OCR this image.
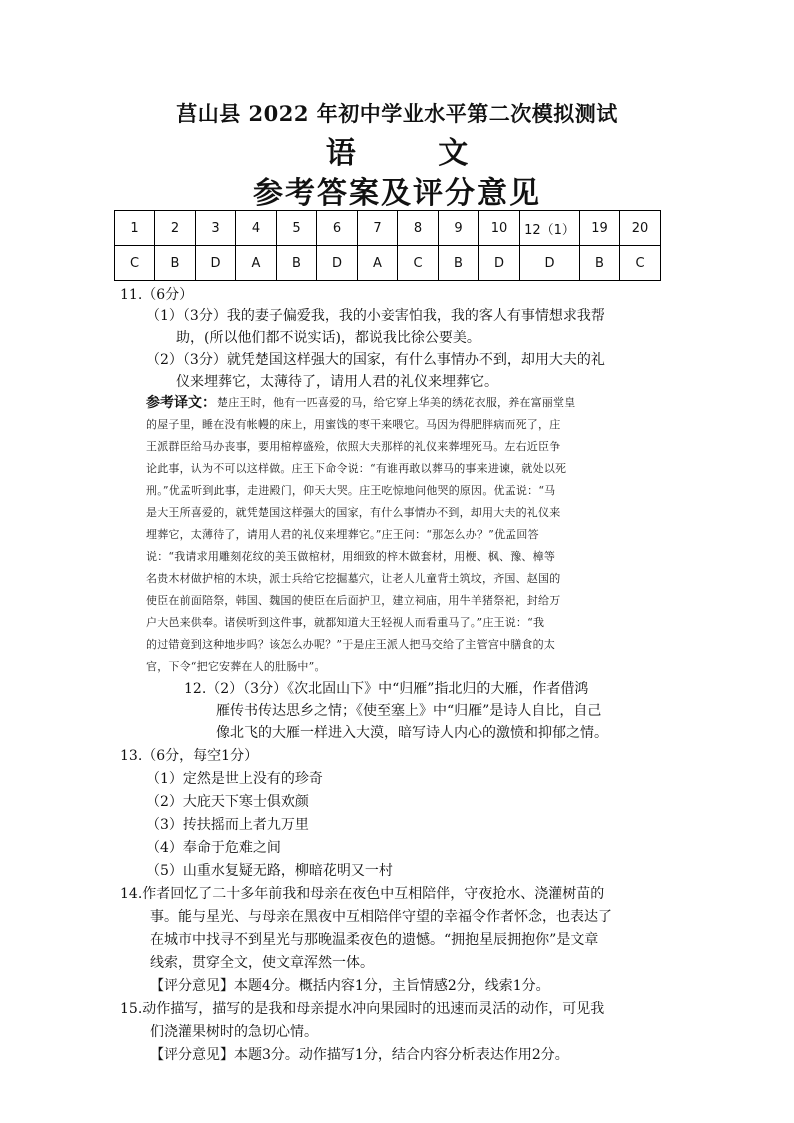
莒山县 2022 年初中学业水平第二次模拟测试
语 文
参考答案及评分意见
1	2	3	4	5	6	7	8	9	10	12（1）	19	20
C	B	D	A	B	D	A	C	B	D	D	B	C
11.（6分）
（1）（3分）我的妻子偏爱我，我的小妾害怕我，我的客人有事情想求我帮
助，(所以他们都不说实话)，都说我比徐公要美。
（2）（3分）就凭楚国这样强大的国家，有什么事情办不到，却用大夫的礼
仪来埋葬它，太薄待了，请用人君的礼仪来埋葬它。
参考译文： 楚庄王时，他有一匹喜爱的马，给它穿上华美的绣花衣服，养在富丽堂皇
的屋子里，睡在没有帐幔的床上，用蜜饯的枣干来喂它。马因为得肥胖病而死了，庄
王派群臣给马办丧事，要用棺椁盛殓，依照大夫那样的礼仪来葬埋死马。左右近臣争
论此事，认为不可以这样做。庄王下命令说：“有谁再敢以葬马的事来进谏，就处以死
刑。”优孟听到此事，走进殿门，仰天大哭。庄王吃惊地问他哭的原因。优孟说：“马
是大王所喜爱的，就凭楚国这样强大的国家，有什么事情办不到，却用大夫的礼仪来
埋葬它，太薄待了，请用人君的礼仪来埋葬它。”庄王问：“那怎么办？”优孟回答
说：“我请求用雕刻花纹的美玉做棺材，用细致的梓木做套材，用楩、枫、豫、樟等
名贵木材做护棺的木块，派士兵给它挖掘墓穴，让老人儿童背土筑坟，齐国、赵国的
使臣在前面陪祭，韩国、魏国的使臣在后面护卫，建立祠庙，用牛羊猪祭祀，封给万
户大邑来供奉。诸侯听到这件事，就都知道大王轻视人而看重马了。”庄王说：“我
的过错竟到这种地步吗？该怎么办呢？”于是庄王派人把马交给了主管宫中膳食的太
官，下令“把它安葬在人的肚肠中”。
12.（2）（3分）《次北固山下》中“归雁”指北归的大雁，作者借鸿
雁传书传达思乡之情；《使至塞上》中“归雁”是诗人自比，自己
像北飞的大雁一样进入大漠，暗写诗人内心的激愤和抑郁之情。
13.（6分，每空1分）
（1）定然是世上没有的珍奇
（2）大庇天下寒士俱欢颜
（3）抟扶摇而上者九万里
（4）奉命于危难之间
（5）山重水复疑无路，柳暗花明又一村
14.作者回忆了二十多年前我和母亲在夜色中互相陪伴，守夜抢水、浇灌树苗的
事。能与星光、与母亲在黑夜中互相陪伴守望的幸福令作者怀念，也表达了
在城市中找寻不到星光与那晚温柔夜色的遗憾。“拥抱星辰拥抱你”是文章
线索，贯穿全文，使文章浑然一体。
【评分意见】本题4分。概括内容1分，主旨情感2分，线索1分。
15.动作描写，描写的是我和母亲提水冲向果园时的迅速而灵活的动作，可见我
们浇灌果树时的急切心情。
【评分意见】本题3分。动作描写1分，结合内容分析表达作用2分。
